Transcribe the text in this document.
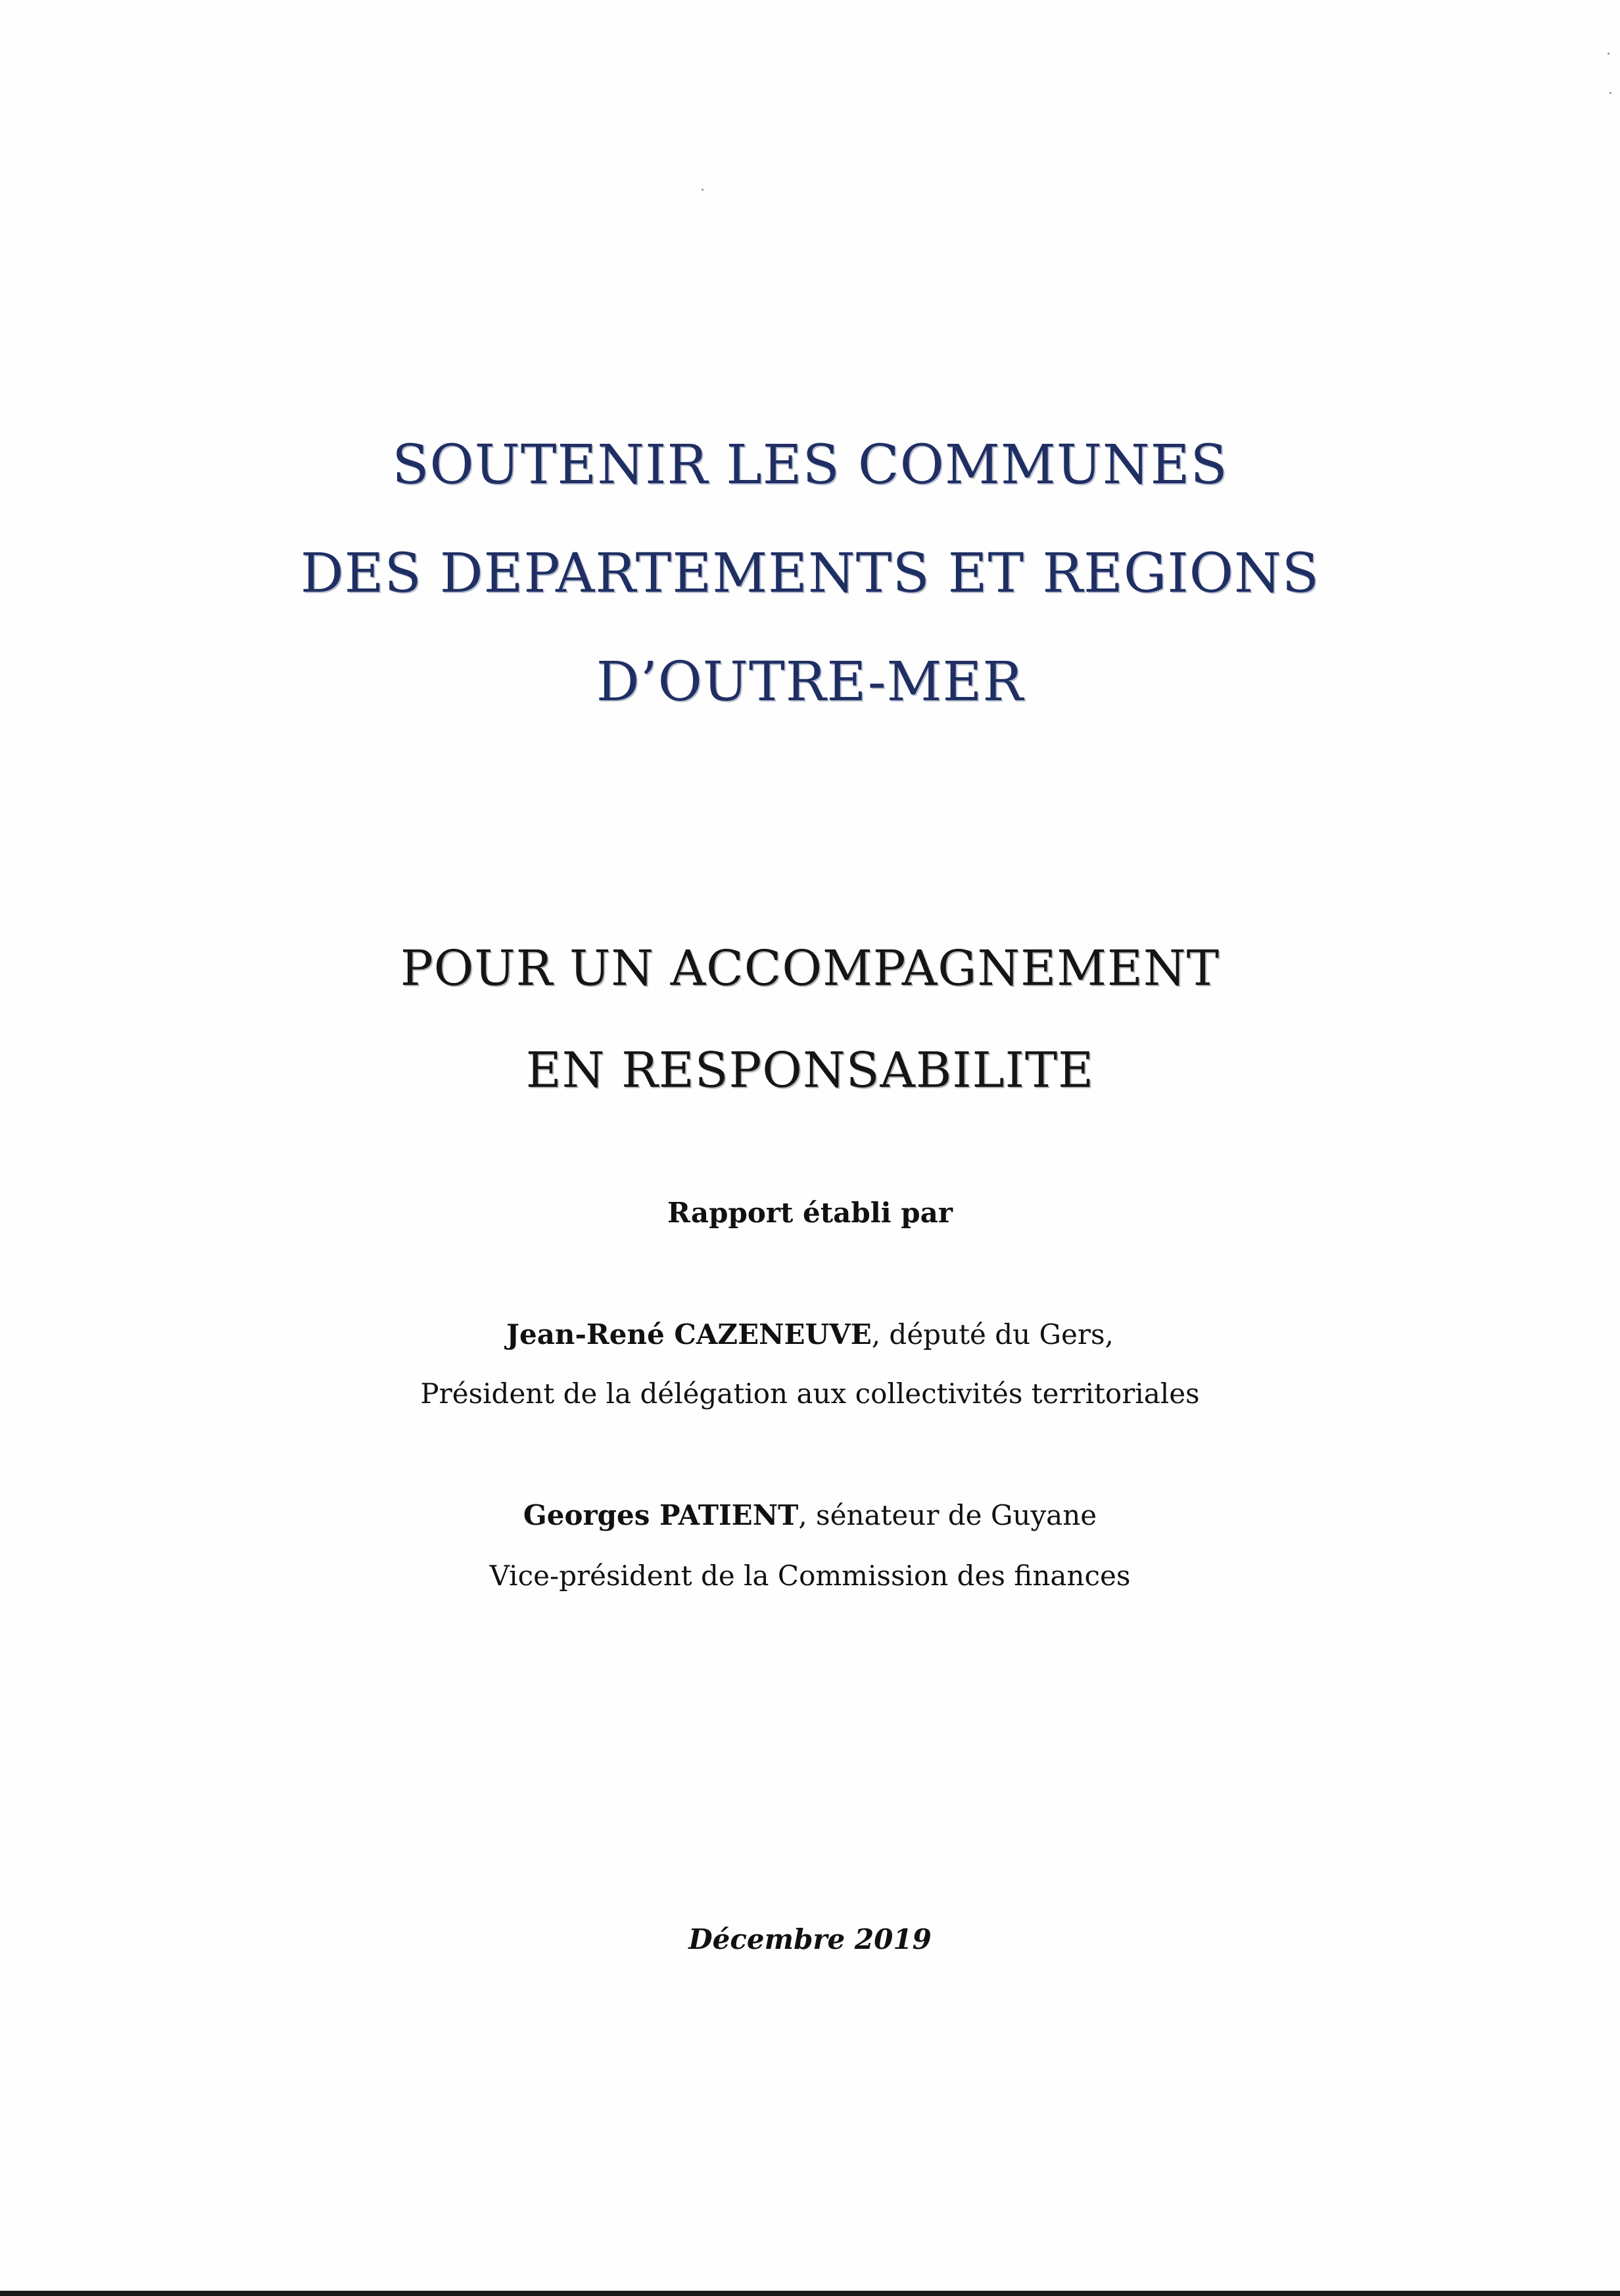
SOUTENIR LES COMMUNES
DES DEPARTEMENTS ET REGIONS
D’OUTRE-MER
POUR UN ACCOMPAGNEMENT
EN RESPONSABILITE
Rapport établi par
Jean-René CAZENEUVE, député du Gers,
Président de la délégation aux collectivités territoriales
Georges PATIENT, sénateur de Guyane
Vice-président de la Commission des finances
Décembre 2019
